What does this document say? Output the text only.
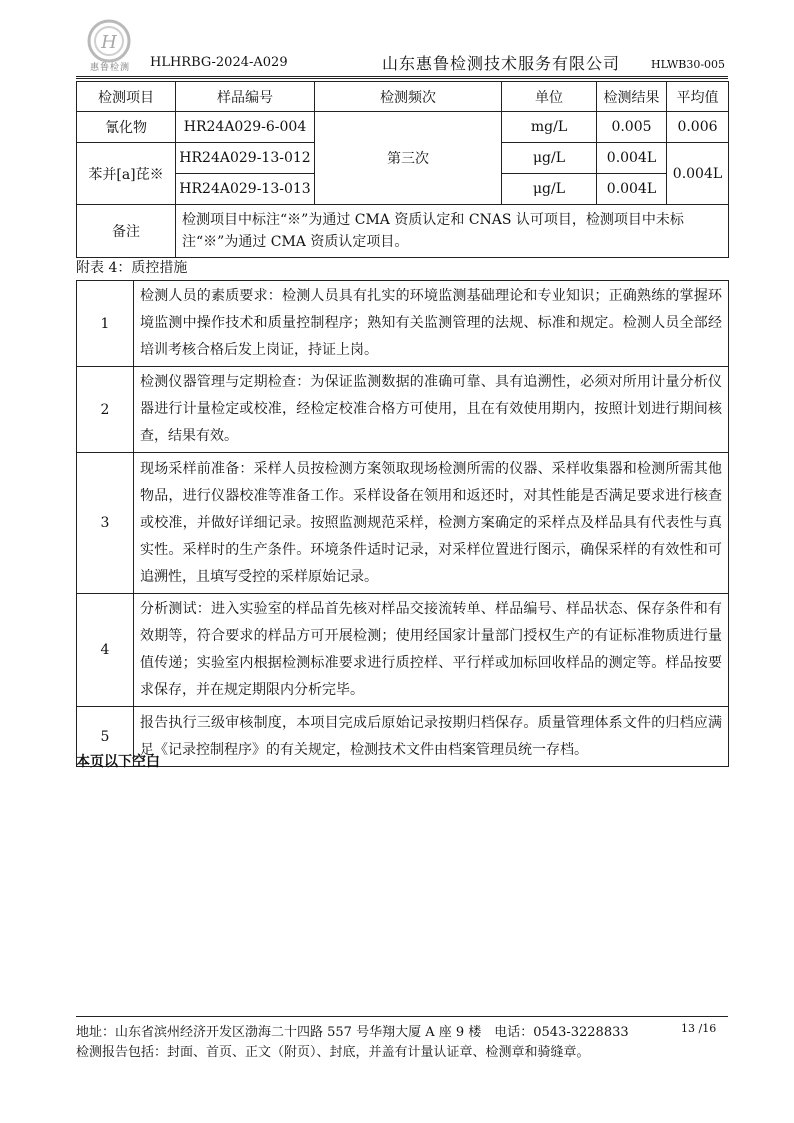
H
惠鲁检测	HLHRBG-2024-A029	山东惠鲁检测技术服务有限公司	HLWB30-005
检测项目	样品编号	检测频次	单位	检测结果	平均值
氰化物	HR24A029-6-004	第三次	mg/L	0.005	0.006
苯并[a]芘※	HR24A029-13-012		μg/L	0.004L	0.004L
	HR24A029-13-013		μg/L	0.004L	
备注	检测项目中标注“※”为通过 CMA 资质认定和 CNAS 认可项目，检测项目中未标注“※”为通过 CMA 资质认定项目。				
附表 4：质控措施
1	检测人员的素质要求：检测人员具有扎实的环境监测基础理论和专业知识；正确熟练的掌握环境监测中操作技术和质量控制程序；熟知有关监测管理的法规、标准和规定。检测人员全部经培训考核合格后发上岗证，持证上岗。
2	检测仪器管理与定期检查：为保证监测数据的准确可靠、具有追溯性，必须对所用计量分析仪器进行计量检定或校准，经检定校准合格方可使用，且在有效使用期内，按照计划进行期间核查，结果有效。
3	现场采样前准备：采样人员按检测方案领取现场检测所需的仪器、采样收集器和检测所需其他物品，进行仪器校准等准备工作。采样设备在领用和返还时，对其性能是否满足要求进行核查或校准，并做好详细记录。按照监测规范采样，检测方案确定的采样点及样品具有代表性与真实性。采样时的生产条件。环境条件适时记录，对采样位置进行图示，确保采样的有效性和可追溯性，且填写受控的采样原始记录。
4	分析测试：进入实验室的样品首先核对样品交接流转单、样品编号、样品状态、保存条件和有效期等，符合要求的样品方可开展检测；使用经国家计量部门授权生产的有证标准物质进行量值传递；实验室内根据检测标准要求进行质控样、平行样或加标回收样品的测定等。样品按要求保存，并在规定期限内分析完毕。
5	报告执行三级审核制度，本项目完成后原始记录按期归档保存。质量管理体系文件的归档应满足《记录控制程序》的有关规定，检测技术文件由档案管理员统一存档。
本页以下空白
地址：山东省滨州经济开发区渤海二十四路 557 号华翔大厦 A 座 9 楼　电话：0543-3228833	13 /16
检测报告包括：封面、首页、正文（附页）、封底，并盖有计量认证章、检测章和骑缝章。
